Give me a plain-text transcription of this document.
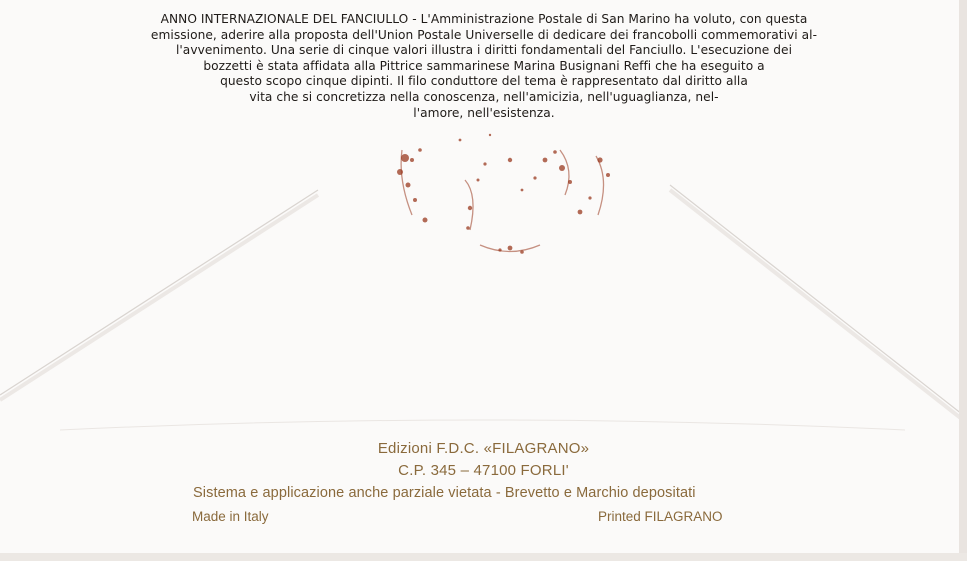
ANNO INTERNAZIONALE DEL FANCIULLO - L'Amministrazione Postale di San Marino ha voluto, con questa
emissione, aderire alla proposta dell'Union Postale Universelle di dedicare dei francobolli commemorativi al-
l'avvenimento. Una serie di cinque valori illustra i diritti fondamentali del Fanciullo. L'esecuzione dei
bozzetti è stata affidata alla Pittrice sammarinese Marina Busignani Reffi che ha eseguito a
questo scopo cinque dipinti. Il filo conduttore del tema è rappresentato dal diritto alla
vita che si concretizza nella conoscenza, nell'amicizia, nell'uguaglianza, nel-
l'amore, nell'esistenza.
Edizioni F.D.C. «FILAGRANO»
C.P. 345 – 47100 FORLI'
Sistema e applicazione anche parziale vietata - Brevetto e Marchio depositati
Made in Italy	Printed FILAGRANO
